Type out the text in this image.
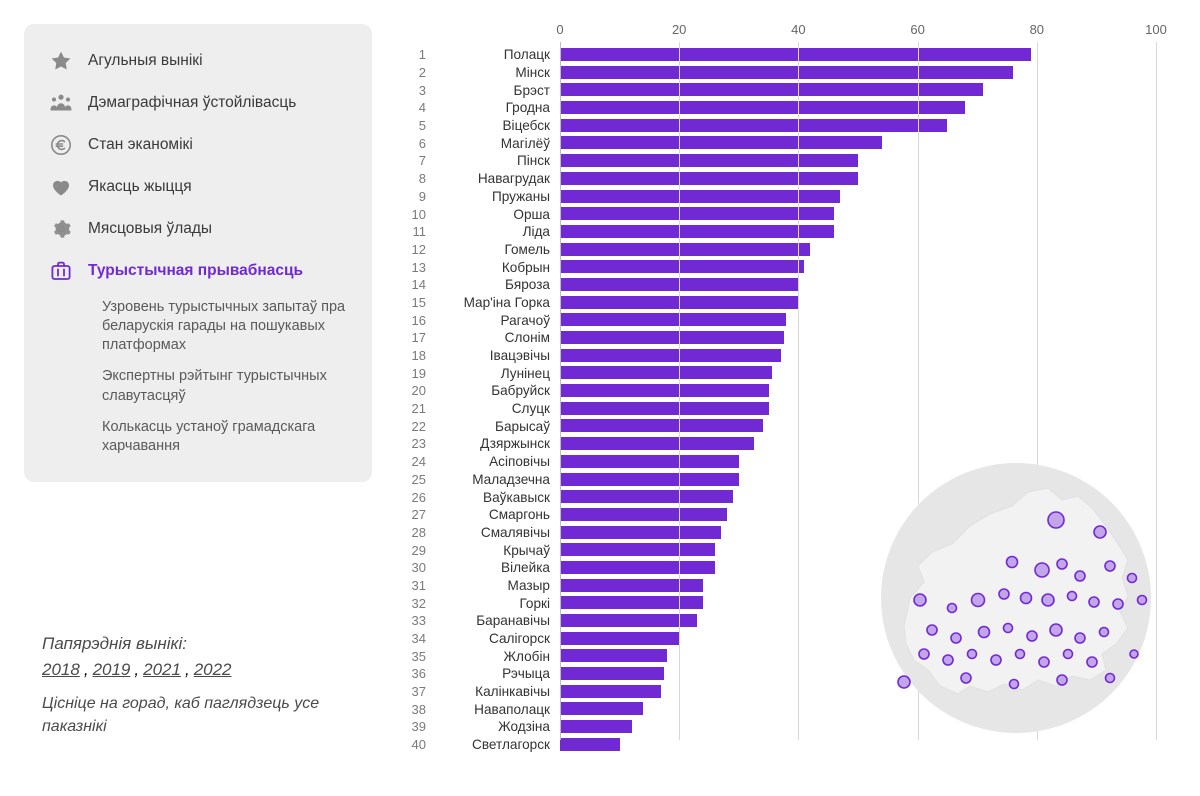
Агульныя вынікі
Дэмаграфічная ўстойлівасць
Стан эканомікі
Якасць жыцця
Мясцовыя ўлады
Турыстычная прывабнасць
Узровень турыстычных запытаў пра беларускія гарады на пошукавых платформах
Экспертны рэйтынг турыстычных славутасцяў
Колькасць устаноў грамадскага харчавання
Папярэднія вынікі:
2018 , 2019 , 2021 , 2022
Ціснiце на горад, каб паглядзець усе паказнікі
0	20	40	60	80	100
1	Полацк
2	Мінск
3	Брэст
4	Гродна
5	Віцебск
6	Магілёў
7	Пінск
8	Навагрудак
9	Пружаны
10	Орша
11	Ліда
12	Гомель
13	Кобрын
14	Бяроза
15	Мар'іна Горка
16	Рагачоў
17	Слонім
18	Івацэвічы
19	Лунінец
20	Бабруйск
21	Слуцк
22	Барысаў
23	Дзяржынск
24	Асіповічы
25	Маладзечна
26	Ваўкавыск
27	Смаргонь
28	Смалявічы
29	Крычаў
30	Вілейка
31	Мазыр
32	Горкі
33	Баранавічы
34	Салігорск
35	Жлобін
36	Рэчыца
37	Калінкавічы
38	Наваполацк
39	Жодзіна
40	Светлагорск
